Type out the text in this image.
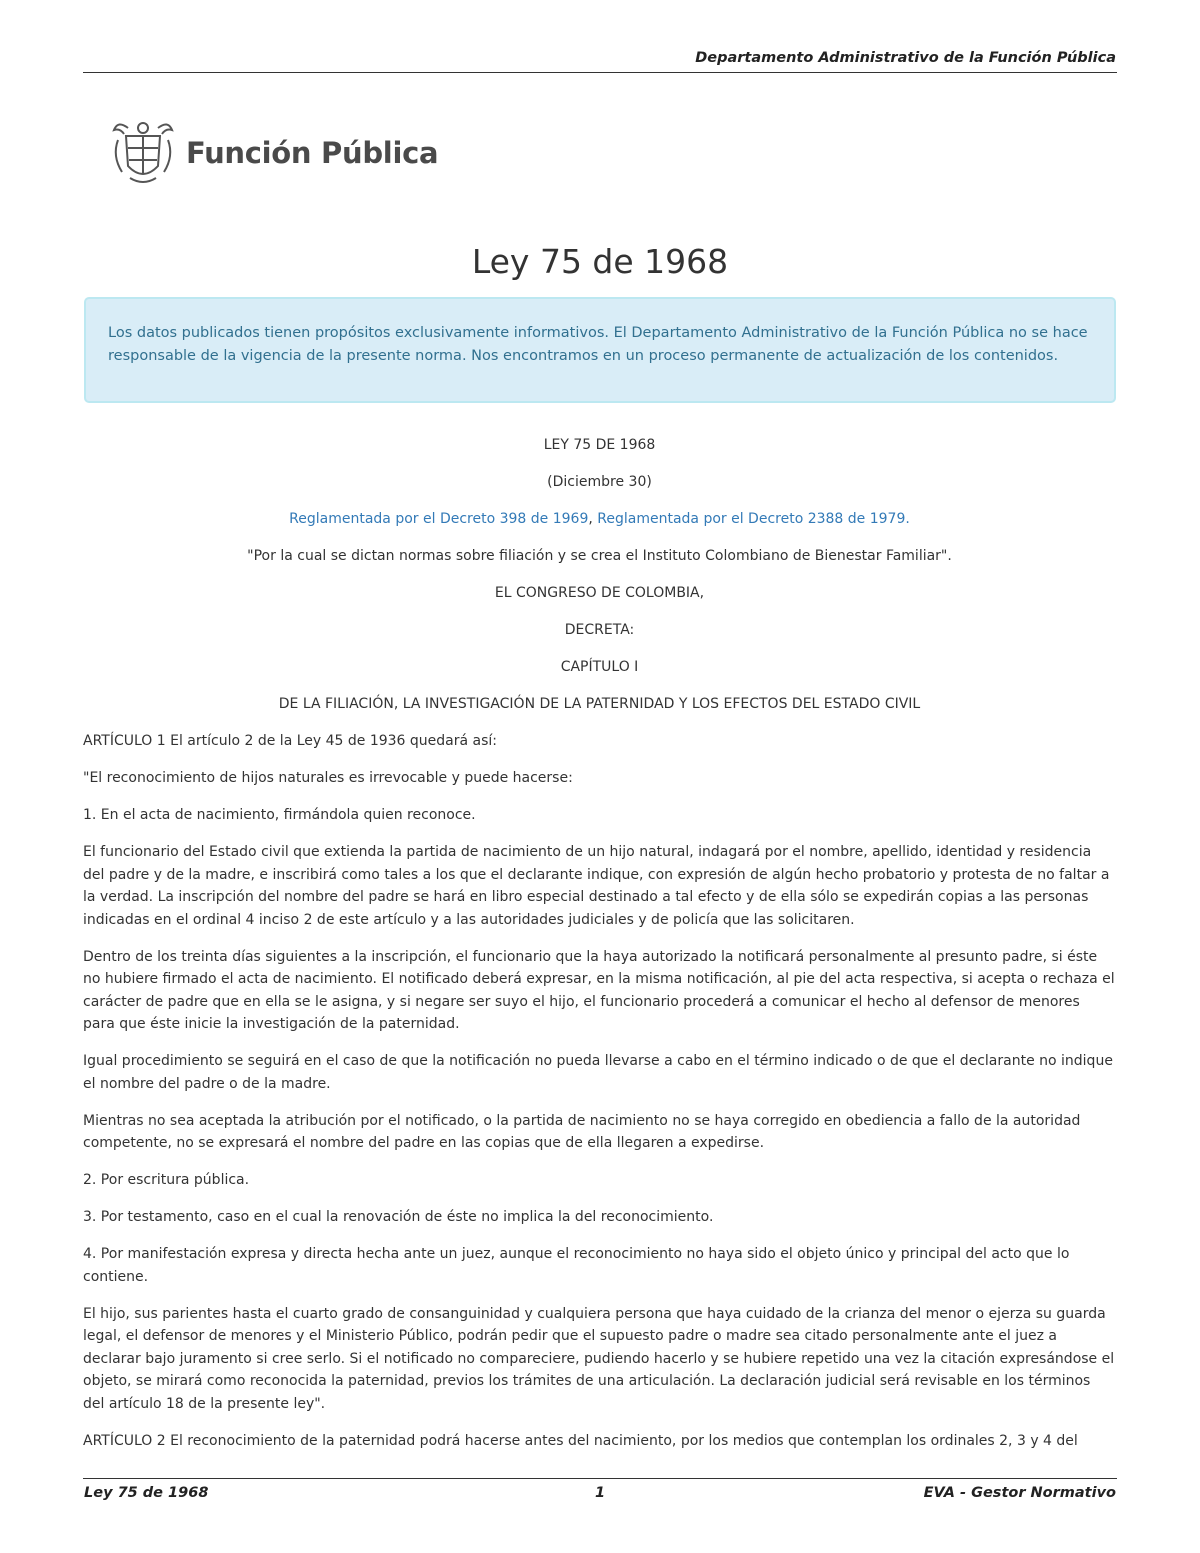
Departamento Administrativo de la Función Pública
Función Pública
Ley 75 de 1968
Los datos publicados tienen propósitos exclusivamente informativos. El Departamento Administrativo de la Función Pública no se hace responsable de la vigencia de la presente norma. Nos encontramos en un proceso permanente de actualización de los contenidos.

LEY 75 DE 1968

(Diciembre 30)

Reglamentada por el Decreto 398 de 1969, Reglamentada por el Decreto 2388 de 1979.

"Por la cual se dictan normas sobre filiación y se crea el Instituto Colombiano de Bienestar Familiar".

EL CONGRESO DE COLOMBIA,

DECRETA:

CAPÍTULO I

DE LA FILIACIÓN, LA INVESTIGACIÓN DE LA PATERNIDAD Y LOS EFECTOS DEL ESTADO CIVIL

ARTÍCULO 1 El artículo 2 de la Ley 45 de 1936 quedará así:

"El reconocimiento de hijos naturales es irrevocable y puede hacerse:

1. En el acta de nacimiento, firmándola quien reconoce.

El funcionario del Estado civil que extienda la partida de nacimiento de un hijo natural, indagará por el nombre, apellido, identidad y residencia del padre y de la madre, e inscribirá como tales a los que el declarante indique, con expresión de algún hecho probatorio y protesta de no faltar a la verdad. La inscripción del nombre del padre se hará en libro especial destinado a tal efecto y de ella sólo se expedirán copias a las personas indicadas en el ordinal 4 inciso 2 de este artículo y a las autoridades judiciales y de policía que las solicitaren.

Dentro de los treinta días siguientes a la inscripción, el funcionario que la haya autorizado la notificará personalmente al presunto padre, si éste no hubiere firmado el acta de nacimiento. El notificado deberá expresar, en la misma notificación, al pie del acta respectiva, si acepta o rechaza el carácter de padre que en ella se le asigna, y si negare ser suyo el hijo, el funcionario procederá a comunicar el hecho al defensor de menores para que éste inicie la investigación de la paternidad.

Igual procedimiento se seguirá en el caso de que la notificación no pueda llevarse a cabo en el término indicado o de que el declarante no indique el nombre del padre o de la madre.

Mientras no sea aceptada la atribución por el notificado, o la partida de nacimiento no se haya corregido en obediencia a fallo de la autoridad competente, no se expresará el nombre del padre en las copias que de ella llegaren a expedirse.

2. Por escritura pública.

3. Por testamento, caso en el cual la renovación de éste no implica la del reconocimiento.

4. Por manifestación expresa y directa hecha ante un juez, aunque el reconocimiento no haya sido el objeto único y principal del acto que lo contiene.

El hijo, sus parientes hasta el cuarto grado de consanguinidad y cualquiera persona que haya cuidado de la crianza del menor o ejerza su guarda legal, el defensor de menores y el Ministerio Público, podrán pedir que el supuesto padre o madre sea citado personalmente ante el juez a declarar bajo juramento si cree serlo. Si el notificado no compareciere, pudiendo hacerlo y se hubiere repetido una vez la citación expresándose el objeto, se mirará como reconocida la paternidad, previos los trámites de una articulación. La declaración judicial será revisable en los términos del artículo 18 de la presente ley".

ARTÍCULO 2 El reconocimiento de la paternidad podrá hacerse antes del nacimiento, por los medios que contemplan los ordinales 2, 3 y 4 del

Ley 75 de 1968	1	EVA - Gestor Normativo
